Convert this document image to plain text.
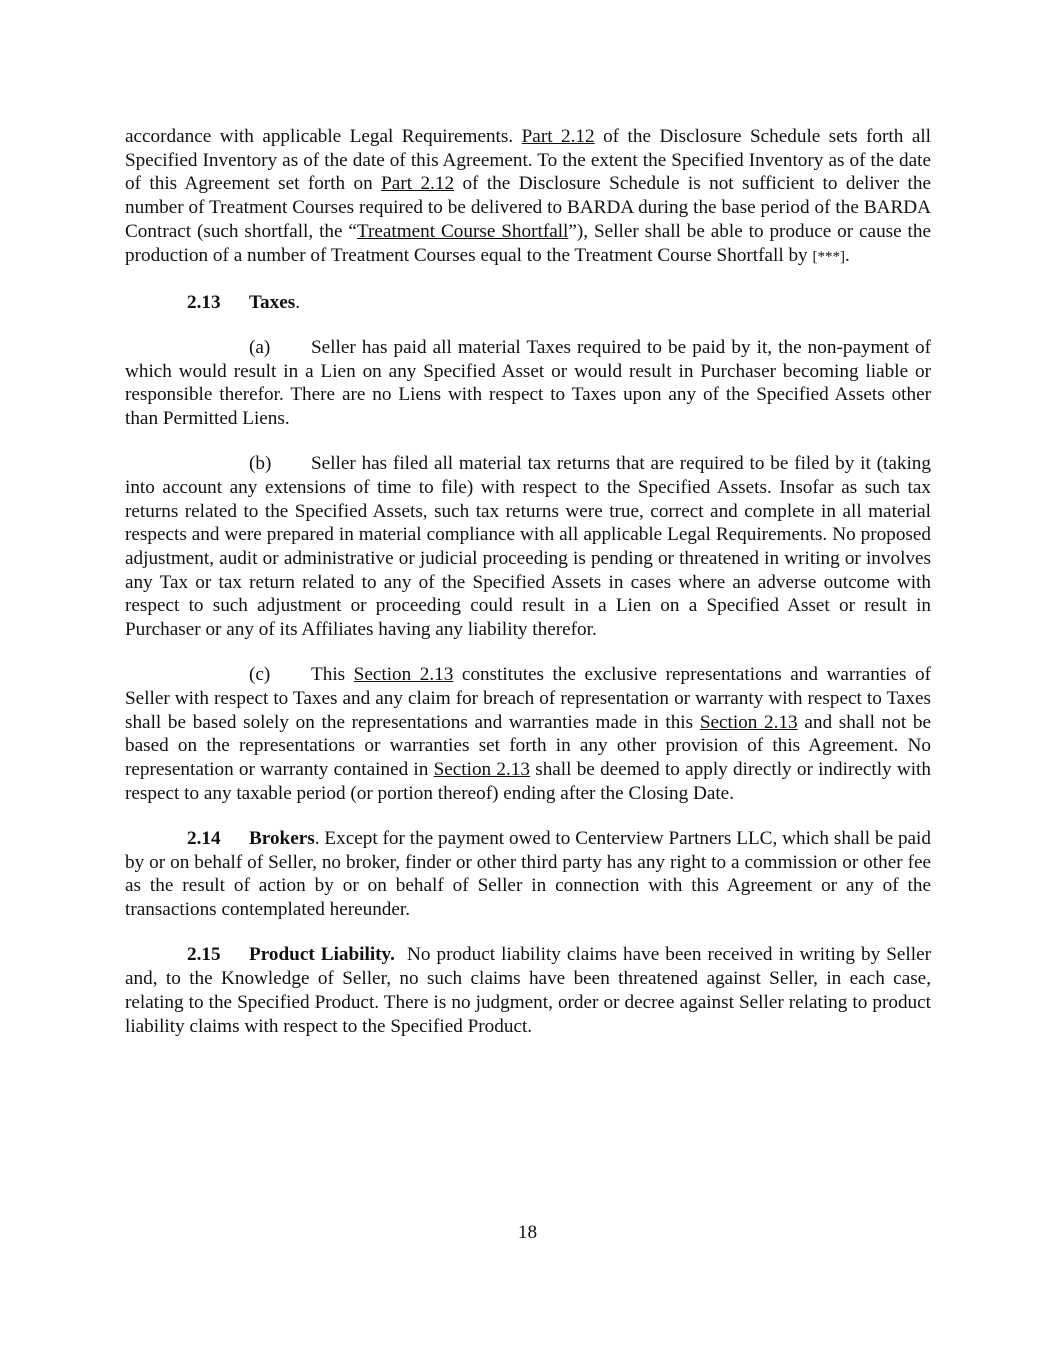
accordance with applicable Legal Requirements. Part 2.12 of the Disclosure Schedule sets forth all Specified Inventory as of the date of this Agreement. To the extent the Specified Inventory as of the date of this Agreement set forth on Part 2.12 of the Disclosure Schedule is not sufficient to deliver the number of Treatment Courses required to be delivered to BARDA during the base period of the BARDA Contract (such shortfall, the “Treatment Course Shortfall”), Seller shall be able to produce or cause the production of a number of Treatment Courses equal to the Treatment Course Shortfall by [***].

2.13 Taxes.

(a) Seller has paid all material Taxes required to be paid by it, the non-payment of which would result in a Lien on any Specified Asset or would result in Purchaser becoming liable or responsible therefor. There are no Liens with respect to Taxes upon any of the Specified Assets other than Permitted Liens.

(b) Seller has filed all material tax returns that are required to be filed by it (taking into account any extensions of time to file) with respect to the Specified Assets. Insofar as such tax returns related to the Specified Assets, such tax returns were true, correct and complete in all material respects and were prepared in material compliance with all applicable Legal Requirements. No proposed adjustment, audit or administrative or judicial proceeding is pending or threatened in writing or involves any Tax or tax return related to any of the Specified Assets in cases where an adverse outcome with respect to such adjustment or proceeding could result in a Lien on a Specified Asset or result in Purchaser or any of its Affiliates having any liability therefor.

(c) This Section 2.13 constitutes the exclusive representations and warranties of Seller with respect to Taxes and any claim for breach of representation or warranty with respect to Taxes shall be based solely on the representations and warranties made in this Section 2.13 and shall not be based on the representations or warranties set forth in any other provision of this Agreement. No representation or warranty contained in Section 2.13 shall be deemed to apply directly or indirectly with respect to any taxable period (or portion thereof) ending after the Closing Date.

2.14 Brokers. Except for the payment owed to Centerview Partners LLC, which shall be paid by or on behalf of Seller, no broker, finder or other third party has any right to a commission or other fee as the result of action by or on behalf of Seller in connection with this Agreement or any of the transactions contemplated hereunder.

2.15 Product Liability.  No product liability claims have been received in writing by Seller and, to the Knowledge of Seller, no such claims have been threatened against Seller, in each case, relating to the Specified Product. There is no judgment, order or decree against Seller relating to product liability claims with respect to the Specified Product.

18
